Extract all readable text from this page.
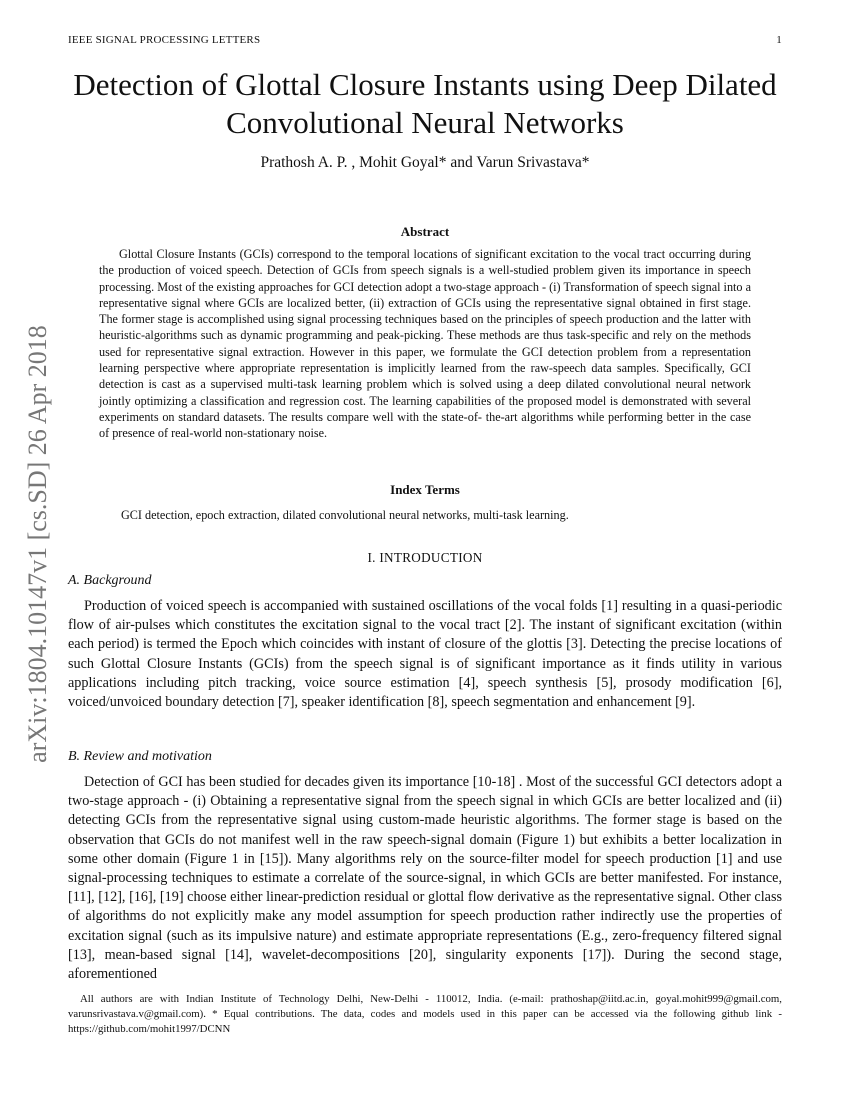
IEEE SIGNAL PROCESSING LETTERS	1
arXiv:1804.10147v1 [cs.SD] 26 Apr 2018
Detection of Glottal Closure Instants using Deep Dilated Convolutional Neural Networks
Prathosh A. P. , Mohit Goyal* and Varun Srivastava*
Abstract

Glottal Closure Instants (GCIs) correspond to the temporal locations of significant excitation to the vocal tract occurring during the production of voiced speech. Detection of GCIs from speech signals is a well-studied problem given its importance in speech processing. Most of the existing approaches for GCI detection adopt a two-stage approach - (i) Transformation of speech signal into a representative signal where GCIs are localized better, (ii) extraction of GCIs using the representative signal obtained in first stage. The former stage is accomplished using signal processing techniques based on the principles of speech production and the latter with heuristic-algorithms such as dynamic programming and peak-picking. These methods are thus task-specific and rely on the methods used for representative signal extraction. However in this paper, we formulate the GCI detection problem from a representation learning perspective where appropriate representation is implicitly learned from the raw-speech data samples. Specifically, GCI detection is cast as a supervised multi-task learning problem which is solved using a deep dilated convolutional neural network jointly optimizing a classification and regression cost. The learning capabilities of the proposed model is demonstrated with several experiments on standard datasets. The results compare well with the state-of- the-art algorithms while performing better in the case of presence of real-world non-stationary noise.

Index Terms

GCI detection, epoch extraction, dilated convolutional neural networks, multi-task learning.

I. INTRODUCTION
A. Background

Production of voiced speech is accompanied with sustained oscillations of the vocal folds [1] resulting in a quasi-periodic flow of air-pulses which constitutes the excitation signal to the vocal tract [2]. The instant of significant excitation (within each period) is termed the Epoch which coincides with instant of closure of the glottis [3]. Detecting the precise locations of such Glottal Closure Instants (GCIs) from the speech signal is of significant importance as it finds utility in various applications including pitch tracking, voice source estimation [4], speech synthesis [5], prosody modification [6], voiced/unvoiced boundary detection [7], speaker identification [8], speech segmentation and enhancement [9].

B. Review and motivation

Detection of GCI has been studied for decades given its importance [10-18] . Most of the successful GCI detectors adopt a two-stage approach - (i) Obtaining a representative signal from the speech signal in which GCIs are better localized and (ii) detecting GCIs from the representative signal using custom-made heuristic algorithms. The former stage is based on the observation that GCIs do not manifest well in the raw speech-signal domain (Figure 1) but exhibits a better localization in some other domain (Figure 1 in [15]). Many algorithms rely on the source-filter model for speech production [1] and use signal-processing techniques to estimate a correlate of the source-signal, in which GCIs are better manifested. For instance, [11], [12], [16], [19] choose either linear-prediction residual or glottal flow derivative as the representative signal. Other class of algorithms do not explicitly make any model assumption for speech production rather indirectly use the properties of excitation signal (such as its impulsive nature) and estimate appropriate representations (E.g., zero-frequency filtered signal [13], mean-based signal [14], wavelet-decompositions [20], singularity exponents [17]). During the second stage, aforementioned

All authors are with Indian Institute of Technology Delhi, New-Delhi - 110012, India. (e-mail: prathoshap@iitd.ac.in, goyal.mohit999@gmail.com, varunsrivastava.v@gmail.com). * Equal contributions. The data, codes and models used in this paper can be accessed via the following github link - https://github.com/mohit1997/DCNN
